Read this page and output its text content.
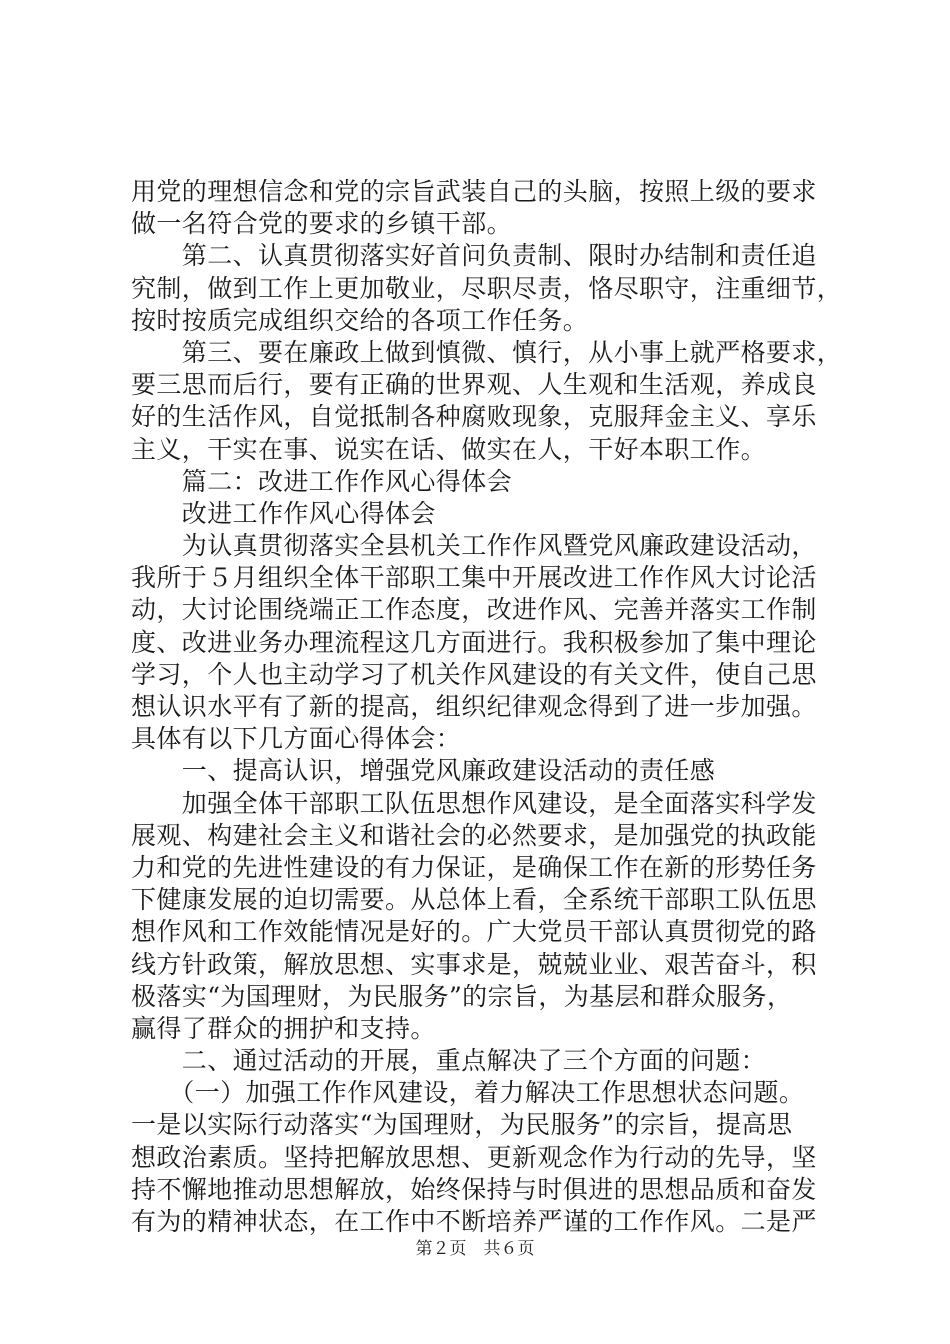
用党的理想信念和党的宗旨武装自己的头脑，按照上级的要求
做一名符合党的要求的乡镇干部。
　　第二、认真贯彻落实好首问负责制、限时办结制和责任追
究制，做到工作上更加敬业，尽职尽责，恪尽职守，注重细节，
按时按质完成组织交给的各项工作任务。
　　第三、要在廉政上做到慎微、慎行，从小事上就严格要求，
要三思而后行，要有正确的世界观、人生观和生活观，养成良
好的生活作风，自觉抵制各种腐败现象，克服拜金主义、享乐
主义，干实在事、说实在话、做实在人，干好本职工作。
　　篇二：改进工作作风心得体会
　　改进工作作风心得体会
　　为认真贯彻落实全县机关工作作风暨党风廉政建设活动，
我所于５月组织全体干部职工集中开展改进工作作风大讨论活
动，大讨论围绕端正工作态度，改进作风、完善并落实工作制
度、改进业务办理流程这几方面进行。我积极参加了集中理论
学习，个人也主动学习了机关作风建设的有关文件，使自己思
想认识水平有了新的提高，组织纪律观念得到了进一步加强。
具体有以下几方面心得体会：
　　一、提高认识，增强党风廉政建设活动的责任感
　　加强全体干部职工队伍思想作风建设，是全面落实科学发
展观、构建社会主义和谐社会的必然要求，是加强党的执政能
力和党的先进性建设的有力保证，是确保工作在新的形势任务
下健康发展的迫切需要。从总体上看，全系统干部职工队伍思
想作风和工作效能情况是好的。广大党员干部认真贯彻党的路
线方针政策，解放思想、实事求是，兢兢业业、艰苦奋斗，积
极落实“为国理财，为民服务”的宗旨，为基层和群众服务，
赢得了群众的拥护和支持。
　　二、通过活动的开展，重点解决了三个方面的问题：
　　（一）加强工作作风建设，着力解决工作思想状态问题。
一是以实际行动落实“为国理财，为民服务”的宗旨，提高思
想政治素质。坚持把解放思想、更新观念作为行动的先导，坚
持不懈地推动思想解放，始终保持与时俱进的思想品质和奋发
有为的精神状态，在工作中不断培养严谨的工作作风。二是严
第２页　共６页
